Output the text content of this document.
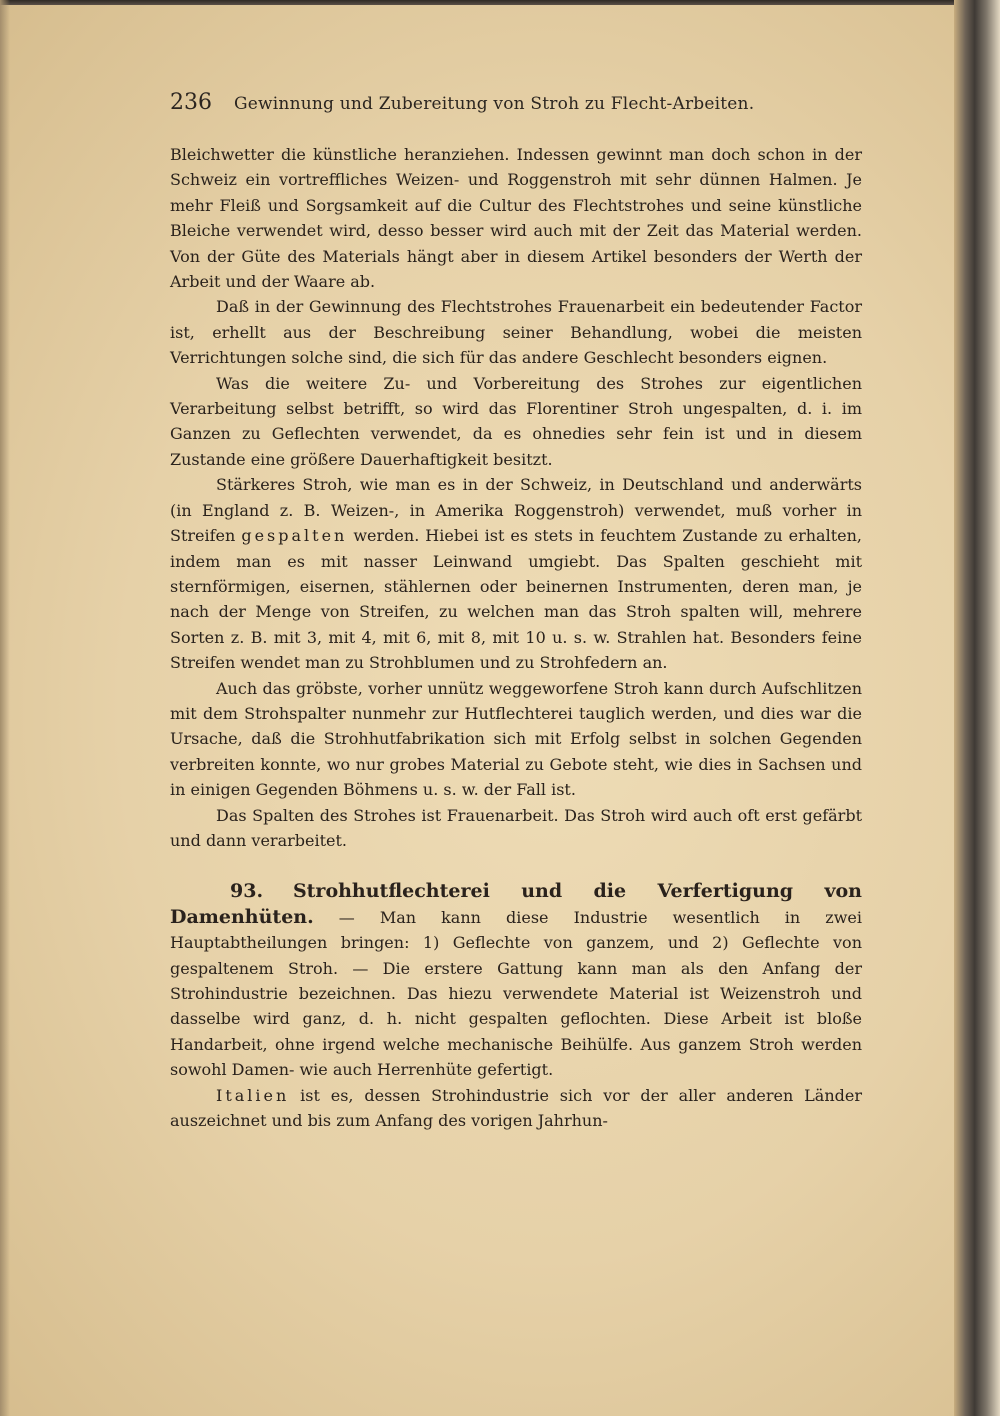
236 Gewinnung und Zubereitung von Stroh zu Flecht-Arbeiten.

Bleichwetter die künstliche heranziehen. Indessen gewinnt man doch schon in der Schweiz ein vortreffliches Weizen- und Roggenstroh mit sehr dünnen Halmen. Je mehr Fleiß und Sorgsamkeit auf die Cultur des Flechtstrohes und seine künstliche Bleiche verwendet wird, desso besser wird auch mit der Zeit das Material werden. Von der Güte des Materials hängt aber in diesem Artikel besonders der Werth der Arbeit und der Waare ab.

Daß in der Gewinnung des Flechtstrohes Frauenarbeit ein bedeutender Factor ist, erhellt aus der Beschreibung seiner Behandlung, wobei die meisten Verrichtungen solche sind, die sich für das andere Geschlecht besonders eignen.

Was die weitere Zu- und Vorbereitung des Strohes zur eigentlichen Verarbeitung selbst betrifft, so wird das Florentiner Stroh ungespalten, d. i. im Ganzen zu Geflechten verwendet, da es ohnedies sehr fein ist und in diesem Zustande eine größere Dauerhaftigkeit besitzt.

Stärkeres Stroh, wie man es in der Schweiz, in Deutschland und anderwärts (in England z. B. Weizen-, in Amerika Roggenstroh) verwendet, muß vorher in Streifen gespalten werden. Hiebei ist es stets in feuchtem Zustande zu erhalten, indem man es mit nasser Leinwand umgiebt. Das Spalten geschieht mit sternförmigen, eisernen, stählernen oder beinernen Instrumenten, deren man, je nach der Menge von Streifen, zu welchen man das Stroh spalten will, mehrere Sorten z. B. mit 3, mit 4, mit 6, mit 8, mit 10 u. s. w. Strahlen hat. Besonders feine Streifen wendet man zu Strohblumen und zu Strohfedern an.

Auch das gröbste, vorher unnütz weggeworfene Stroh kann durch Aufschlitzen mit dem Strohspalter nunmehr zur Hutflechterei tauglich werden, und dies war die Ursache, daß die Strohhutfabrikation sich mit Erfolg selbst in solchen Gegenden verbreiten konnte, wo nur grobes Material zu Gebote steht, wie dies in Sachsen und in einigen Gegenden Böhmens u. s. w. der Fall ist.

Das Spalten des Strohes ist Frauenarbeit. Das Stroh wird auch oft erst gefärbt und dann verarbeitet.

93. Strohhutflechterei und die Verfertigung von Damenhüten. — Man kann diese Industrie wesentlich in zwei Hauptabtheilungen bringen: 1) Geflechte von ganzem, und 2) Geflechte von gespaltenem Stroh. — Die erstere Gattung kann man als den Anfang der Strohindustrie bezeichnen. Das hiezu verwendete Material ist Weizenstroh und dasselbe wird ganz, d. h. nicht gespalten geflochten. Diese Arbeit ist bloße Handarbeit, ohne irgend welche mechanische Beihülfe. Aus ganzem Stroh werden sowohl Damen- wie auch Herrenhüte gefertigt.

Italien ist es, dessen Strohindustrie sich vor der aller anderen Länder auszeichnet und bis zum Anfang des vorigen Jahrhun-
